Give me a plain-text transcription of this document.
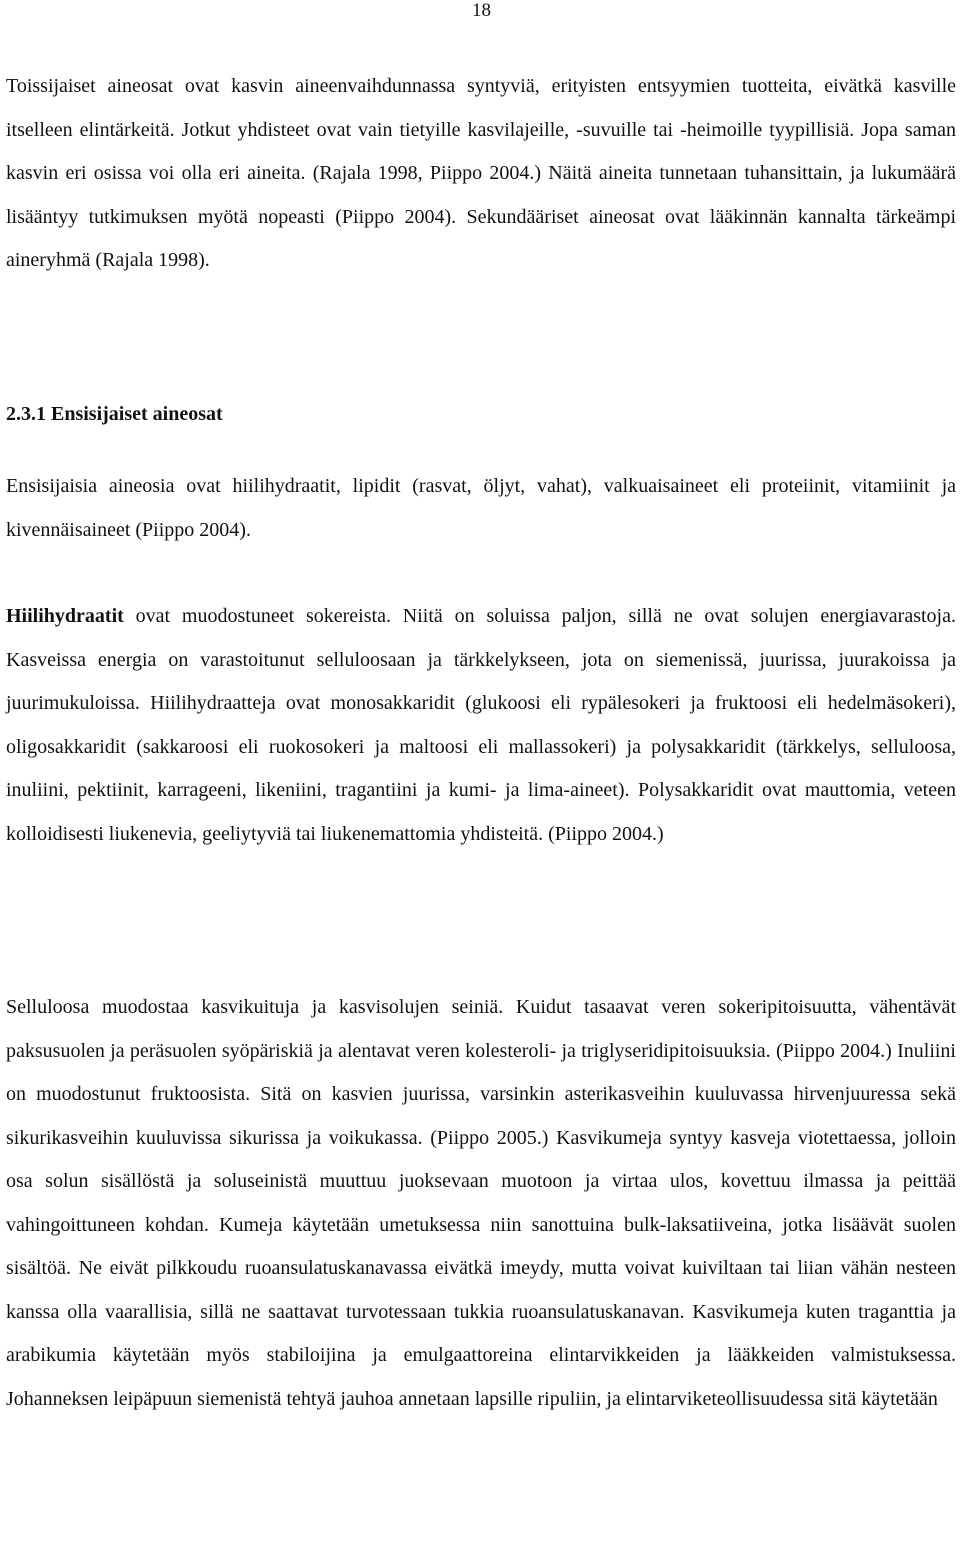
18

Toissijaiset aineosat ovat kasvin aineenvaihdunnassa syntyviä, erityisten entsyymien tuotteita, eivätkä kasville itselleen elintärkeitä. Jotkut yhdisteet ovat vain tietyille kasvilajeille, -suvuille tai -heimoille tyypillisiä. Jopa saman kasvin eri osissa voi olla eri aineita. (Rajala 1998, Piippo 2004.) Näitä aineita tunnetaan tuhansittain, ja lukumäärä lisääntyy tutkimuksen myötä nopeasti (Piippo 2004). Sekundääriset aineosat ovat lääkinnän kannalta tärkeämpi aineryhmä (Rajala 1998).

2.3.1 Ensisijaiset aineosat

Ensisijaisia aineosia ovat hiilihydraatit, lipidit (rasvat, öljyt, vahat), valkuaisaineet eli proteiinit, vitamiinit ja kivennäisaineet (Piippo 2004).

Hiilihydraatit ovat muodostuneet sokereista. Niitä on soluissa paljon, sillä ne ovat solujen energiavarastoja. Kasveissa energia on varastoitunut selluloosaan ja tärkkelykseen, jota on siemenissä, juurissa, juurakoissa ja juurimukuloissa. Hiilihydraatteja ovat monosakkaridit (glukoosi eli rypälesokeri ja fruktoosi eli hedelmäsokeri), oligosakkaridit (sakkaroosi eli ruokosokeri ja maltoosi eli mallassokeri) ja polysakkaridit (tärkkelys, selluloosa, inuliini, pektiinit, karrageeni, likeniini, tragantiini ja kumi- ja lima-aineet). Polysakkaridit ovat mauttomia, veteen kolloidisesti liukenevia, geeliytyviä tai liukenemattomia yhdisteitä. (Piippo 2004.)

Selluloosa muodostaa kasvikuituja ja kasvisolujen seiniä. Kuidut tasaavat veren sokeripitoisuutta, vähentävät paksusuolen ja peräsuolen syöpäriskiä ja alentavat veren kolesteroli- ja triglyseridipitoisuuksia. (Piippo 2004.) Inuliini on muodostunut fruktoosista. Sitä on kasvien juurissa, varsinkin asterikasveihin kuuluvassa hirvenjuuressa sekä sikurikasveihin kuuluvissa sikurissa ja voikukassa. (Piippo 2005.) Kasvikumeja syntyy kasveja viotettaessa, jolloin osa solun sisällöstä ja soluseinistä muuttuu juoksevaan muotoon ja virtaa ulos, kovettuu ilmassa ja peittää vahingoittuneen kohdan. Kumeja käytetään umetuksessa niin sanottuina bulk-laksatiiveina, jotka lisäävät suolen sisältöä. Ne eivät pilkkoudu ruoansulatuskanavassa eivätkä imeydy, mutta voivat kuiviltaan tai liian vähän nesteen kanssa olla vaarallisia, sillä ne saattavat turvotessaan tukkia ruoansulatuskanavan. Kasvikumeja kuten traganttia ja arabikumia käytetään myös stabiloijina ja emulgaattoreina elintarvikkeiden ja lääkkeiden valmistuksessa. Johanneksen leipäpuun siemenistä tehtyä jauhoa annetaan lapsille ripuliin, ja elintarviketeollisuudessa sitä käytetään
